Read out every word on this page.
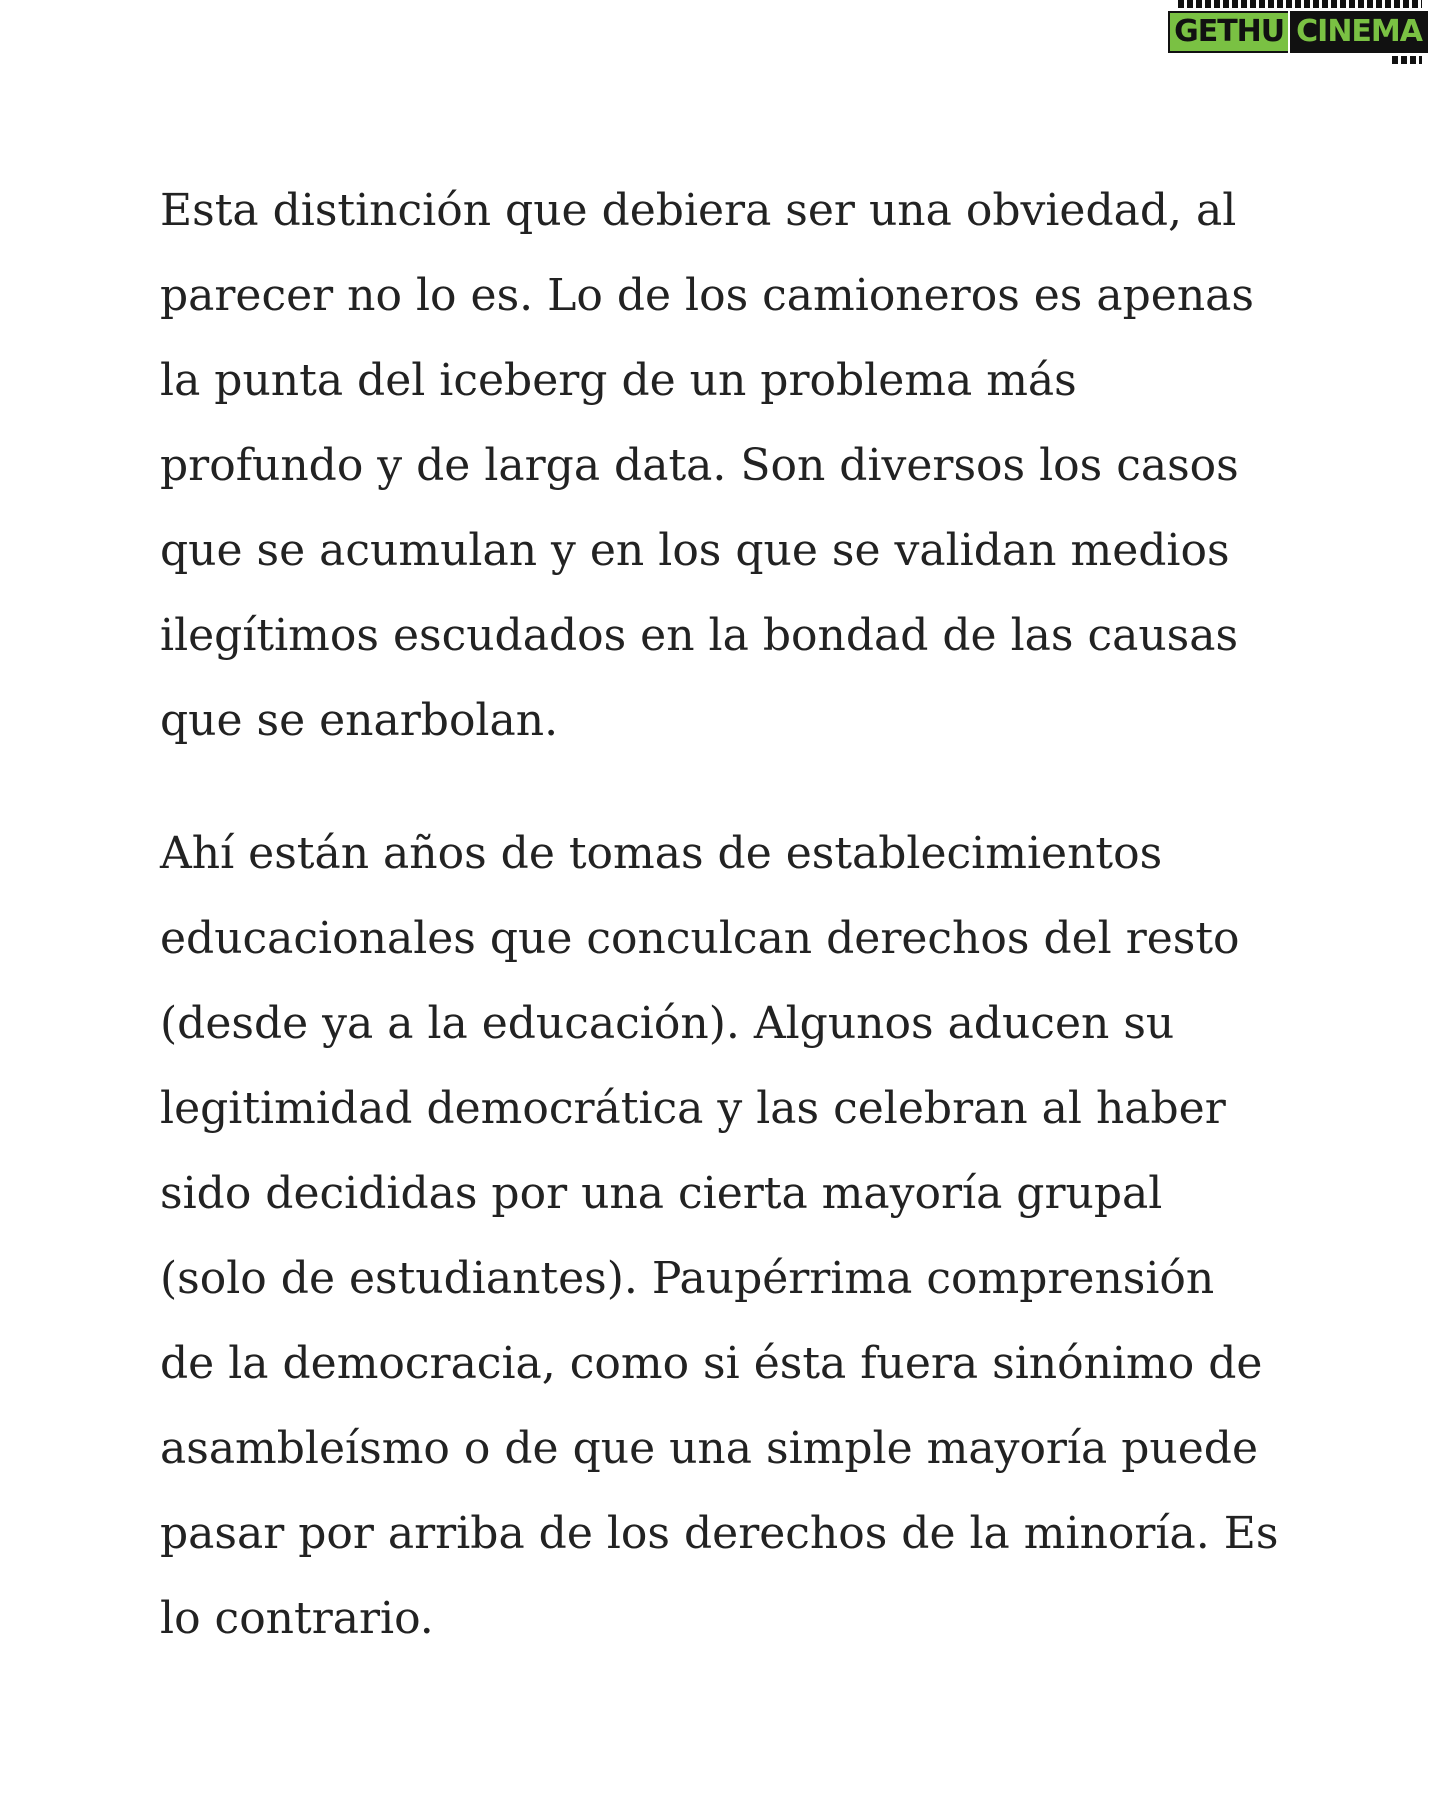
GETHU CINEMA

Esta distinción que debiera ser una obviedad, al parecer no lo es. Lo de los camioneros es apenas la punta del iceberg de un problema más profundo y de larga data. Son diversos los casos que se acumulan y en los que se validan medios ilegítimos escudados en la bondad de las causas que se enarbolan.

Ahí están años de tomas de establecimientos educacionales que conculcan derechos del resto (desde ya a la educación). Algunos aducen su legitimidad democrática y las celebran al haber sido decididas por una cierta mayoría grupal (solo de estudiantes). Paupérrima comprensión de la democracia, como si ésta fuera sinónimo de asambleísmo o de que una simple mayoría puede pasar por arriba de los derechos de la minoría. Es lo contrario.
